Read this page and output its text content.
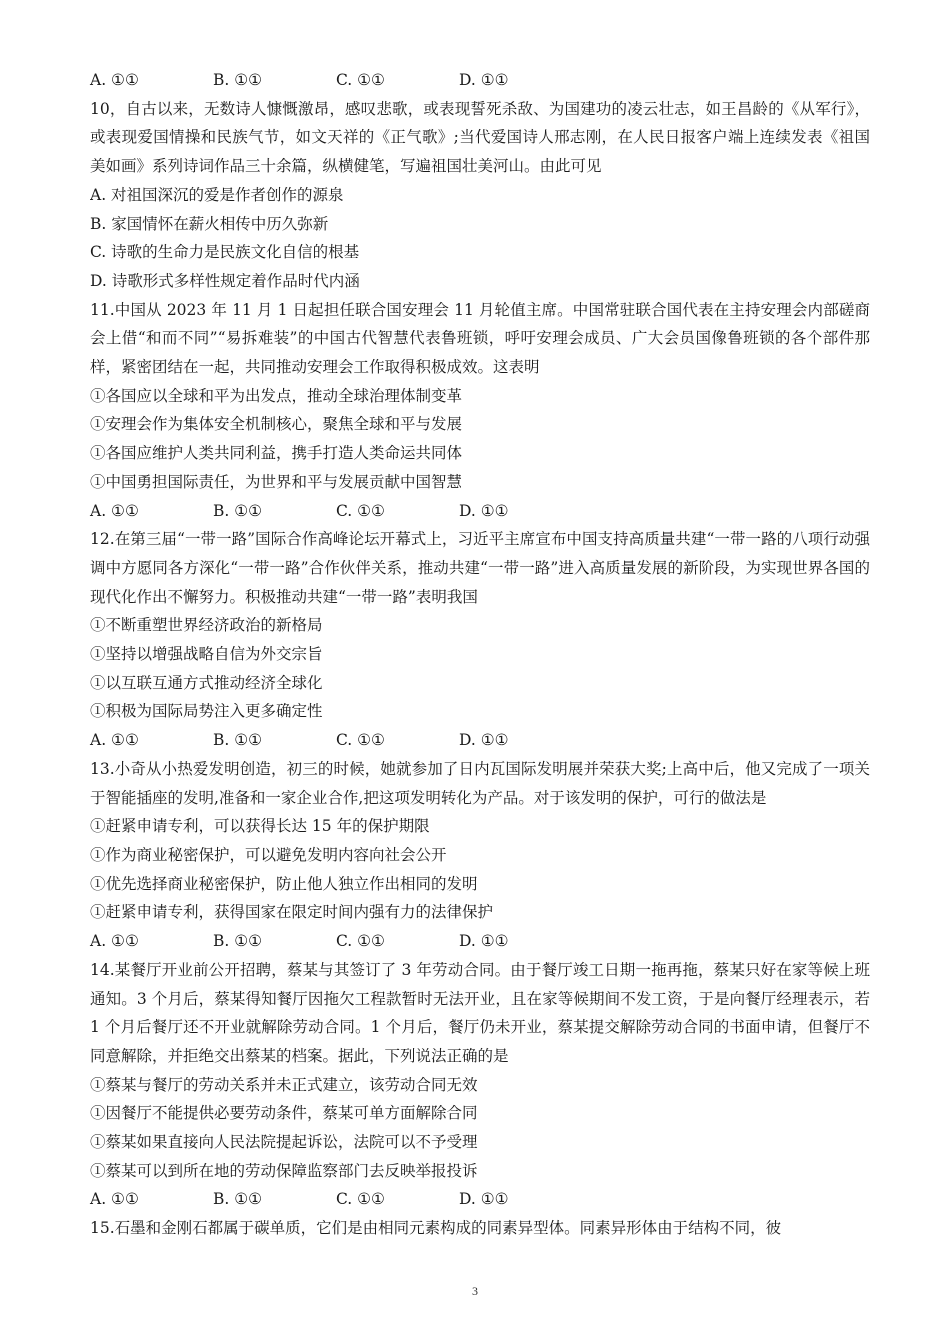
A. ①①	B. ①①	C. ①①	D. ①①
10，自古以来，无数诗人慷慨激昂，感叹悲歌，或表现誓死杀敌、为国建功的凌云壮志，如王昌龄的《从军行》，或表现爱国情操和民族气节，如文天祥的《正气歌》;当代爱国诗人邢志刚，在人民日报客户端上连续发表《祖国美如画》系列诗词作品三十余篇，纵横健笔，写遍祖国壮美河山。由此可见
A. 对祖国深沉的爱是作者创作的源泉
B. 家国情怀在薪火相传中历久弥新
C. 诗歌的生命力是民族文化自信的根基
D. 诗歌形式多样性规定着作品时代内涵
11.中国从 2023 年 11 月 1 日起担任联合国安理会 11 月轮值主席。中国常驻联合国代表在主持安理会内部磋商会上借“和而不同”“易拆难装”的中国古代智慧代表鲁班锁，呼吁安理会成员、广大会员国像鲁班锁的各个部件那样，紧密团结在一起，共同推动安理会工作取得积极成效。这表明
①各国应以全球和平为出发点，推动全球治理体制变革
①安理会作为集体安全机制核心，聚焦全球和平与发展
①各国应维护人类共同利益，携手打造人类命运共同体
①中国勇担国际责任，为世界和平与发展贡献中国智慧
A. ①①	B. ①①	C. ①①	D. ①①
12.在第三届“一带一路”国际合作高峰论坛开幕式上，习近平主席宣布中国支持高质量共建“一带一路的八项行动强调中方愿同各方深化“一带一路”合作伙伴关系，推动共建“一带一路”进入高质量发展的新阶段，为实现世界各国的现代化作出不懈努力。积极推动共建“一带一路”表明我国
①不断重塑世界经济政治的新格局
①坚持以增强战略自信为外交宗旨
①以互联互通方式推动经济全球化
①积极为国际局势注入更多确定性
A. ①①	B. ①①	C. ①①	D. ①①
13.小奇从小热爱发明创造，初三的时候，她就参加了日内瓦国际发明展并荣获大奖;上高中后，他又完成了一项关于智能插座的发明,准备和一家企业合作,把这项发明转化为产品。对于该发明的保护，可行的做法是
①赶紧申请专利，可以获得长达 15 年的保护期限
①作为商业秘密保护，可以避免发明内容向社会公开
①优先选择商业秘密保护，防止他人独立作出相同的发明
①赶紧申请专利，获得国家在限定时间内强有力的法律保护
A. ①①	B. ①①	C. ①①	D. ①①
14.某餐厅开业前公开招聘，蔡某与其签订了 3 年劳动合同。由于餐厅竣工日期一拖再拖，蔡某只好在家等候上班通知。3 个月后，蔡某得知餐厅因拖欠工程款暂时无法开业，且在家等候期间不发工资，于是向餐厅经理表示，若 1 个月后餐厅还不开业就解除劳动合同。1 个月后，餐厅仍未开业，蔡某提交解除劳动合同的书面申请，但餐厅不同意解除，并拒绝交出蔡某的档案。据此，下列说法正确的是
①蔡某与餐厅的劳动关系并未正式建立，该劳动合同无效
①因餐厅不能提供必要劳动条件，蔡某可单方面解除合同
①蔡某如果直接向人民法院提起诉讼，法院可以不予受理
①蔡某可以到所在地的劳动保障监察部门去反映举报投诉
A. ①①	B. ①①	C. ①①	D. ①①
15.石墨和金刚石都属于碳单质，它们是由相同元素构成的同素异型体。同素异形体由于结构不同，彼
3
